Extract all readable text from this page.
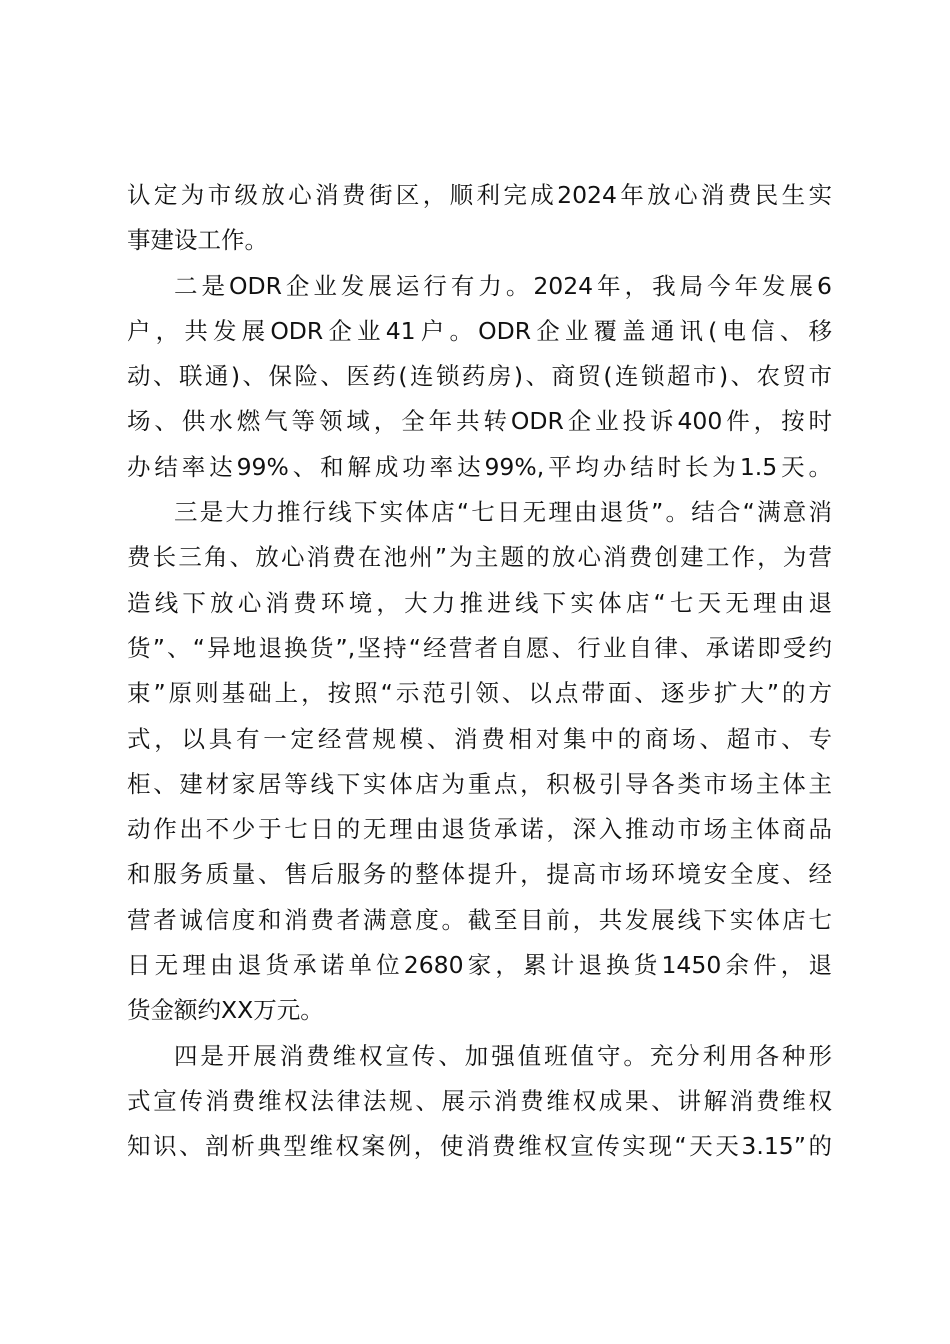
认定为市级放心消费街区，顺利完成2024年放心消费民生实
事建设工作。
二是ODR企业发展运行有力。2024年，我局今年发展6
户，共发展ODR企业41户。ODR企业覆盖通讯(电信、移
动、联通)、保险、医药(连锁药房)、商贸(连锁超市)、农贸市
场、供水燃气等领域，全年共转ODR企业投诉400件，按时
办结率达99%、和解成功率达99%,平均办结时长为1.5天。
三是大力推行线下实体店“七日无理由退货”。结合“满意消
费长三角、放心消费在池州”为主题的放心消费创建工作，为营
造线下放心消费环境，大力推进线下实体店“七天无理由退
货”、“异地退换货”,坚持“经营者自愿、行业自律、承诺即受约
束”原则基础上，按照“示范引领、以点带面、逐步扩大”的方
式，以具有一定经营规模、消费相对集中的商场、超市、专
柜、建材家居等线下实体店为重点，积极引导各类市场主体主
动作出不少于七日的无理由退货承诺，深入推动市场主体商品
和服务质量、售后服务的整体提升，提高市场环境安全度、经
营者诚信度和消费者满意度。截至目前，共发展线下实体店七
日无理由退货承诺单位2680家，累计退换货1450余件，退
货金额约XX万元。
四是开展消费维权宣传、加强值班值守。充分利用各种形
式宣传消费维权法律法规、展示消费维权成果、讲解消费维权
知识、剖析典型维权案例，使消费维权宣传实现“天天3.15”的
